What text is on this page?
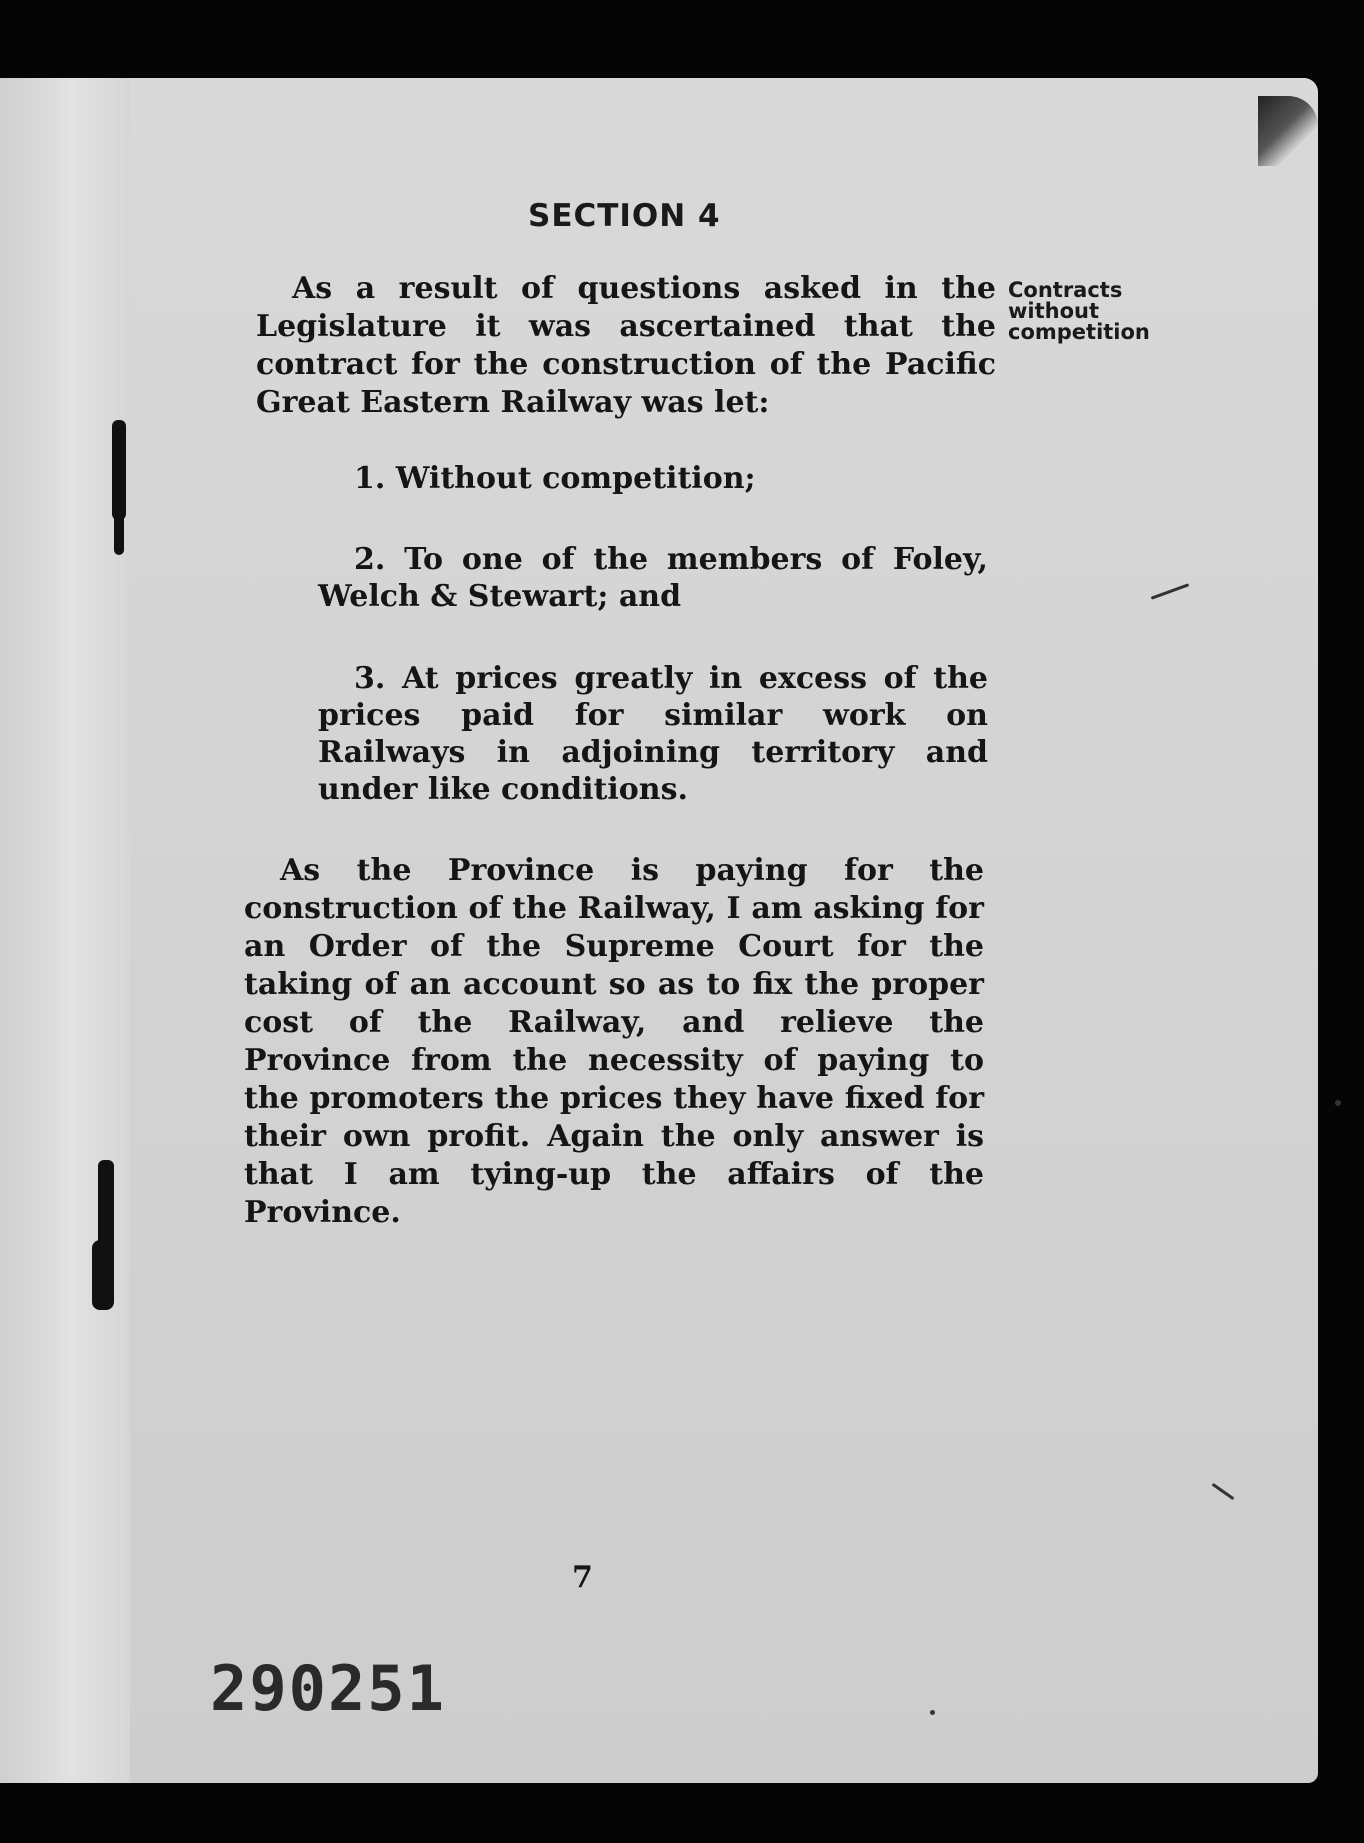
SECTION 4
Contracts without competition

As a result of questions asked in the Legislature it was ascertained that the contract for the construction of the Pacific Great Eastern Railway was let:

1. Without competition;
2. To one of the members of Foley, Welch & Stewart; and
3. At prices greatly in excess of the prices paid for similar work on Railways in adjoining territory and under like conditions.

As the Province is paying for the construction of the Railway, I am asking for an Order of the Supreme Court for the taking of an account so as to fix the proper cost of the Railway, and relieve the Province from the necessity of paying to the promoters the prices they have fixed for their own profit. Again the only answer is that I am tying-up the affairs of the Province.

7
290251
